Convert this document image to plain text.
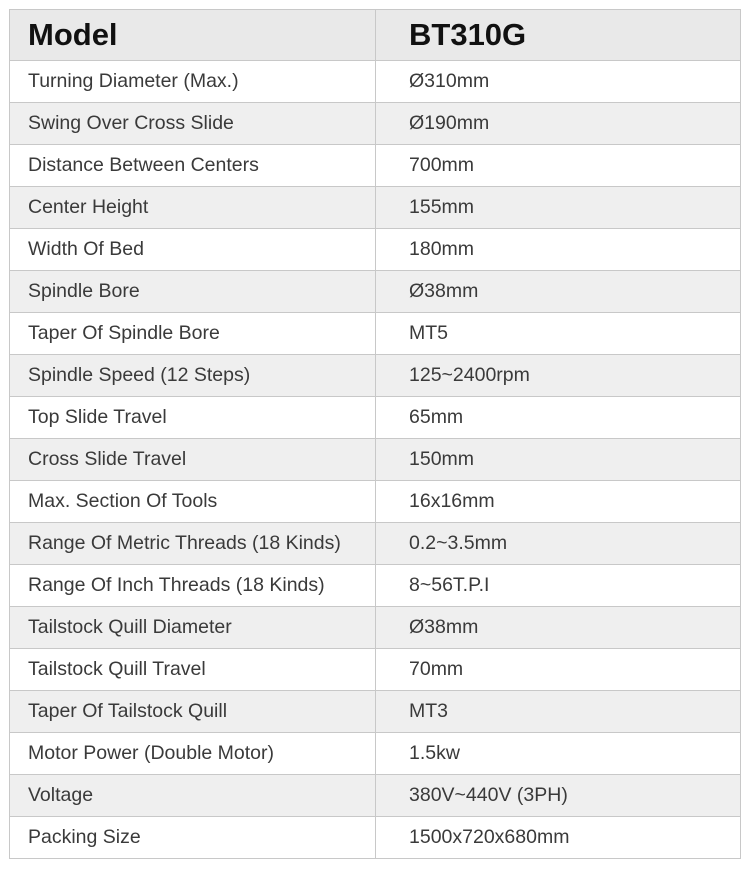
Model	BT310G
Turning Diameter (Max.)	Ø310mm
Swing Over Cross Slide	Ø190mm
Distance Between Centers	700mm
Center Height	155mm
Width Of Bed	180mm
Spindle Bore	Ø38mm
Taper Of Spindle Bore	MT5
Spindle Speed (12 Steps)	125~2400rpm
Top Slide Travel	65mm
Cross Slide Travel	150mm
Max. Section Of Tools	16x16mm
Range Of Metric Threads (18 Kinds)	0.2~3.5mm
Range Of Inch Threads (18 Kinds)	8~56T.P.I
Tailstock Quill Diameter	Ø38mm
Tailstock Quill Travel	70mm
Taper Of Tailstock Quill	MT3
Motor Power (Double Motor)	1.5kw
Voltage	380V~440V (3PH)
Packing Size	1500x720x680mm
